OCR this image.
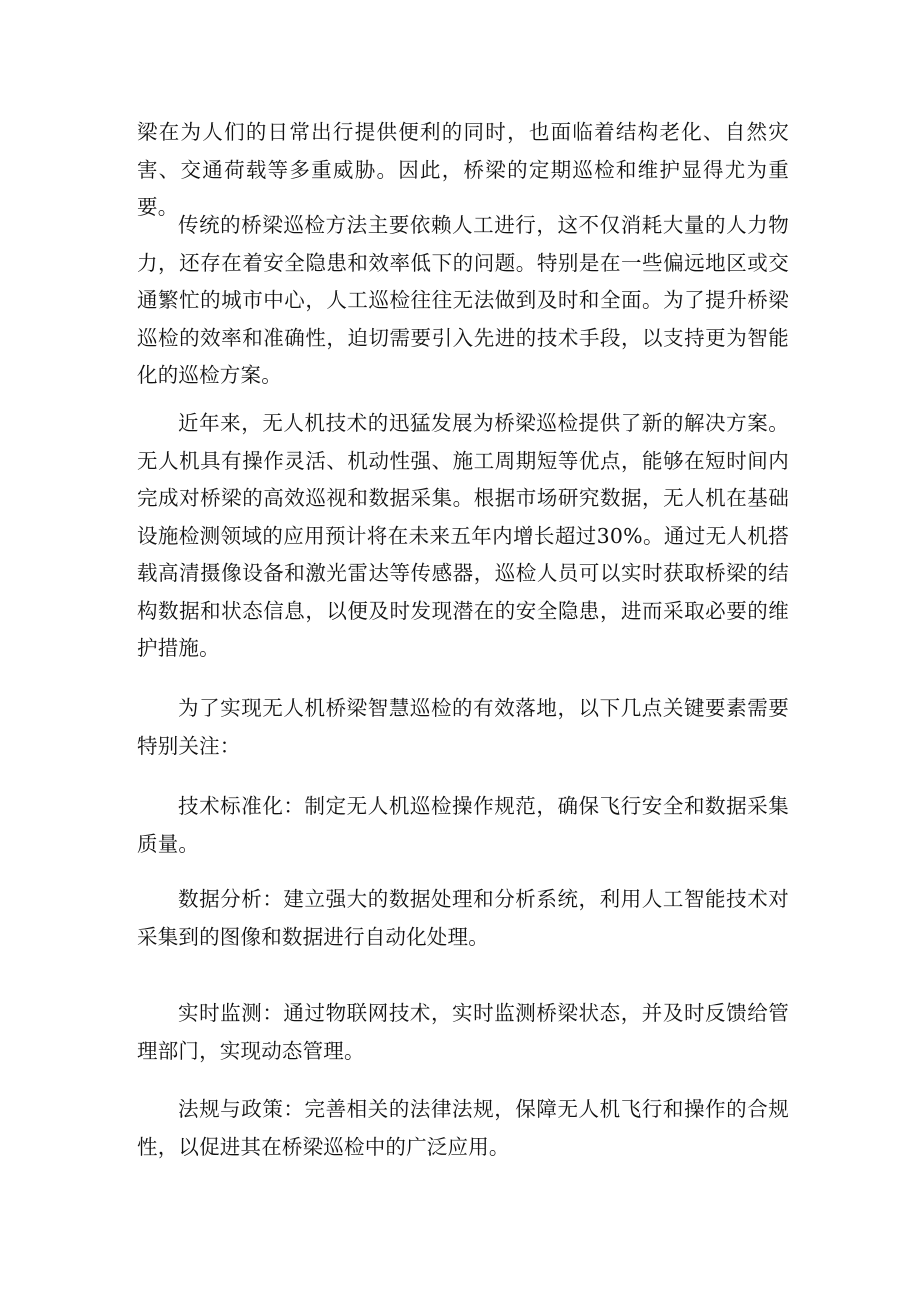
梁在为人们的日常出行提供便利的同时，也面临着结构老化、自然灾害、交通荷载等多重威胁。因此，桥梁的定期巡检和维护显得尤为重要。

传统的桥梁巡检方法主要依赖人工进行，这不仅消耗大量的人力物力，还存在着安全隐患和效率低下的问题。特别是在一些偏远地区或交通繁忙的城市中心，人工巡检往往无法做到及时和全面。为了提升桥梁巡检的效率和准确性，迫切需要引入先进的技术手段，以支持更为智能化的巡检方案。

近年来，无人机技术的迅猛发展为桥梁巡检提供了新的解决方案。无人机具有操作灵活、机动性强、施工周期短等优点，能够在短时间内完成对桥梁的高效巡视和数据采集。根据市场研究数据，无人机在基础设施检测领域的应用预计将在未来五年内增长超过30%。通过无人机搭载高清摄像设备和激光雷达等传感器，巡检人员可以实时获取桥梁的结构数据和状态信息，以便及时发现潜在的安全隐患，进而采取必要的维护措施。

为了实现无人机桥梁智慧巡检的有效落地，以下几点关键要素需要特别关注：

技术标准化：制定无人机巡检操作规范，确保飞行安全和数据采集质量。

数据分析：建立强大的数据处理和分析系统，利用人工智能技术对采集到的图像和数据进行自动化处理。

实时监测：通过物联网技术，实时监测桥梁状态，并及时反馈给管理部门，实现动态管理。

法规与政策：完善相关的法律法规，保障无人机飞行和操作的合规性，以促进其在桥梁巡检中的广泛应用。
